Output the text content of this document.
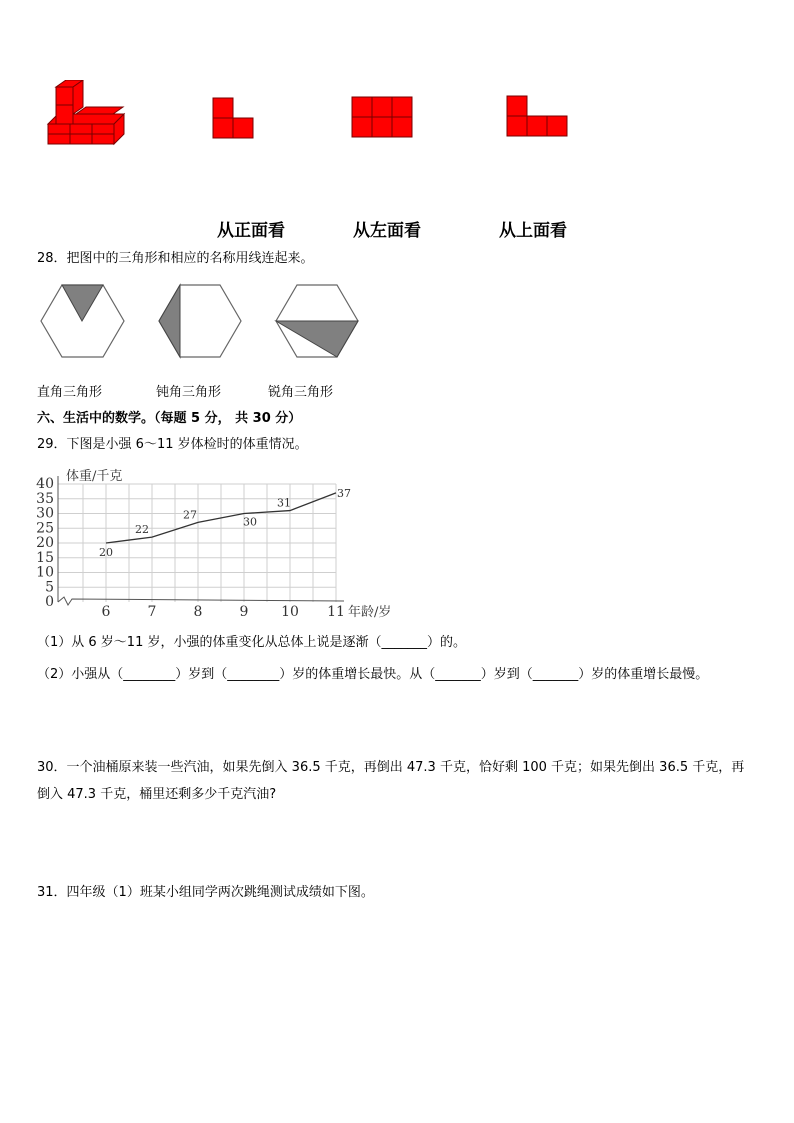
从正面看	从左面看	从上面看
28．把图中的三角形和相应的名称用线连起来。
直角三角形	钝角三角形	锐角三角形
六、生活中的数学。（每题 5 分， 共 30 分）
29．下图是小强 6～11 岁体检时的体重情况。
0
5
10
15
20
25
30
35
40
6	7	8	9 10 11
20
22
27
30
31
37
体重/千克
年龄/岁
（1）从 6 岁～11 岁，小强的体重变化从总体上说是逐渐（_______）的。
（2）小强从（________）岁到（________）岁的体重增长最快。从（_______）岁到（_______）岁的体重增长最慢。
30．一个油桶原来装一些汽油，如果先倒入 36.5 千克，再倒出 47.3 千克，恰好剩 100 千克；如果先倒出 36.5 千克，再
倒入 47.3 千克，桶里还剩多少千克汽油?
31．四年级（1）班某小组同学两次跳绳测试成绩如下图。
